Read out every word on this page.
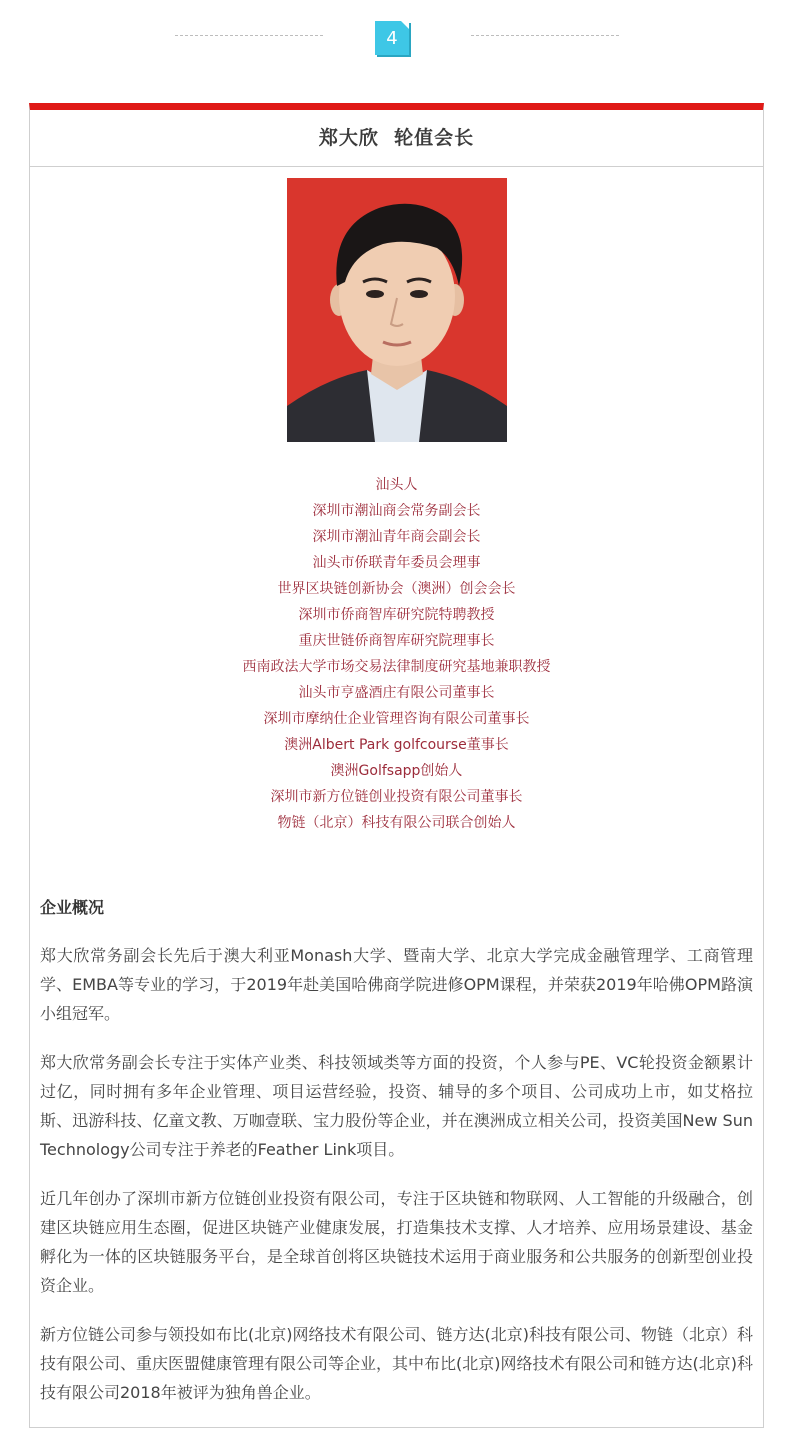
4
郑大欣  轮值会长
汕头人
深圳市潮汕商会常务副会长
深圳市潮汕青年商会副会长
汕头市侨联青年委员会理事
世界区块链创新协会（澳洲）创会会长
深圳市侨商智库研究院特聘教授
重庆世链侨商智库研究院理事长
西南政法大学市场交易法律制度研究基地兼职教授
汕头市亨盛酒庄有限公司董事长
深圳市摩纳仕企业管理咨询有限公司董事长
澳洲Albert Park golfcourse董事长
澳洲Golfsapp创始人
深圳市新方位链创业投资有限公司董事长
物链（北京）科技有限公司联合创始人
企业概况

郑大欣常务副会长先后于澳大利亚Monash大学、暨南大学、北京大学完成金融管理学、工商管理学、EMBA等专业的学习，于2019年赴美国哈佛商学院进修OPM课程，并荣获2019年哈佛OPM路演小组冠军。

郑大欣常务副会长专注于实体产业类、科技领域类等方面的投资，个人参与PE、VC轮投资金额累计过亿，同时拥有多年企业管理、项目运营经验，投资、辅导的多个项目、公司成功上市，如艾格拉斯、迅游科技、亿童文教、万咖壹联、宝力股份等企业，并在澳洲成立相关公司，投资美国New Sun Technology公司专注于养老的Feather Link项目。

近几年创办了深圳市新方位链创业投资有限公司，专注于区块链和物联网、人工智能的升级融合，创建区块链应用生态圈，促进区块链产业健康发展，打造集技术支撑、人才培养、应用场景建设、基金孵化为一体的区块链服务平台，是全球首创将区块链技术运用于商业服务和公共服务的创新型创业投资企业。

新方位链公司参与领投如布比(北京)网络技术有限公司、链方达(北京)科技有限公司、物链（北京）科技有限公司、重庆医盟健康管理有限公司等企业，其中布比(北京)网络技术有限公司和链方达(北京)科技有限公司2018年被评为独角兽企业。
